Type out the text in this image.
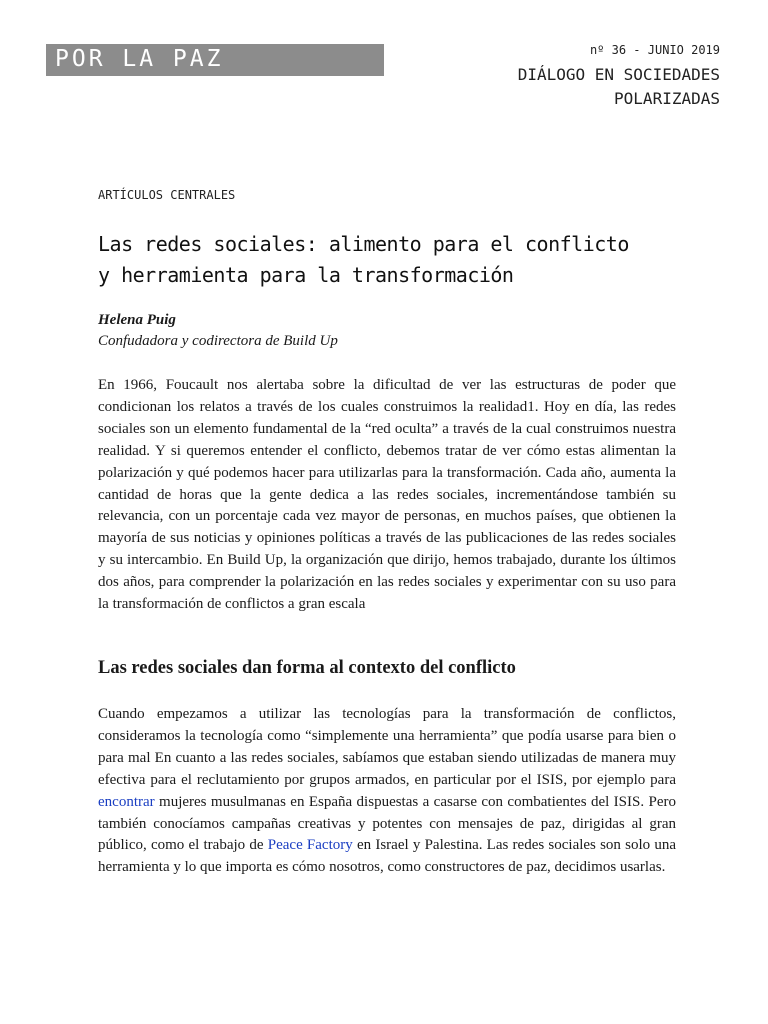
POR LA PAZ	nº 36 - JUNIO 2019
DIÁLOGO EN SOCIEDADES
POLARIZADAS
ARTÍCULOS CENTRALES
Las redes sociales: alimento para el conflicto
y herramienta para la transformación
Helena Puig
Confudadora y codirectora de Build Up

En 1966, Foucault nos alertaba sobre la dificultad de ver las estructuras de poder que condicionan los relatos a través de los cuales construimos la realidad1. Hoy en día, las redes sociales son un elemento fundamental de la “red oculta” a través de la cual construimos nuestra realidad. Y si queremos entender el conflicto, debemos tratar de ver cómo estas alimentan la polarización y qué podemos hacer para utilizarlas para la transformación. Cada año, aumenta la cantidad de horas que la gente dedica a las redes sociales, incrementándose también su relevancia, con un porcentaje cada vez mayor de personas, en muchos países, que obtienen la mayoría de sus noticias y opiniones políticas a través de las publicaciones de las redes sociales y su intercambio. En Build Up, la organización que dirijo, hemos trabajado, durante los últimos dos años, para comprender la polarización en las redes sociales y experimentar con su uso para la transformación de conflictos a gran escala

Las redes sociales dan forma al contexto del conflicto

Cuando empezamos a utilizar las tecnologías para la transformación de conflictos, consideramos la tecnología como “simplemente una herramienta” que podía usarse para bien o para mal En cuanto a las redes sociales, sabíamos que estaban siendo utilizadas de manera muy efectiva para el reclutamiento por grupos armados, en particular por el ISIS, por ejemplo para encontrar mujeres musulmanas en España dispuestas a casarse con combatientes del ISIS. Pero también conocíamos campañas creativas y potentes con mensajes de paz, dirigidas al gran público, como el trabajo de Peace Factory en Israel y Palestina. Las redes sociales son solo una herramienta y lo que importa es cómo nosotros, como constructores de paz, decidimos usarlas.
